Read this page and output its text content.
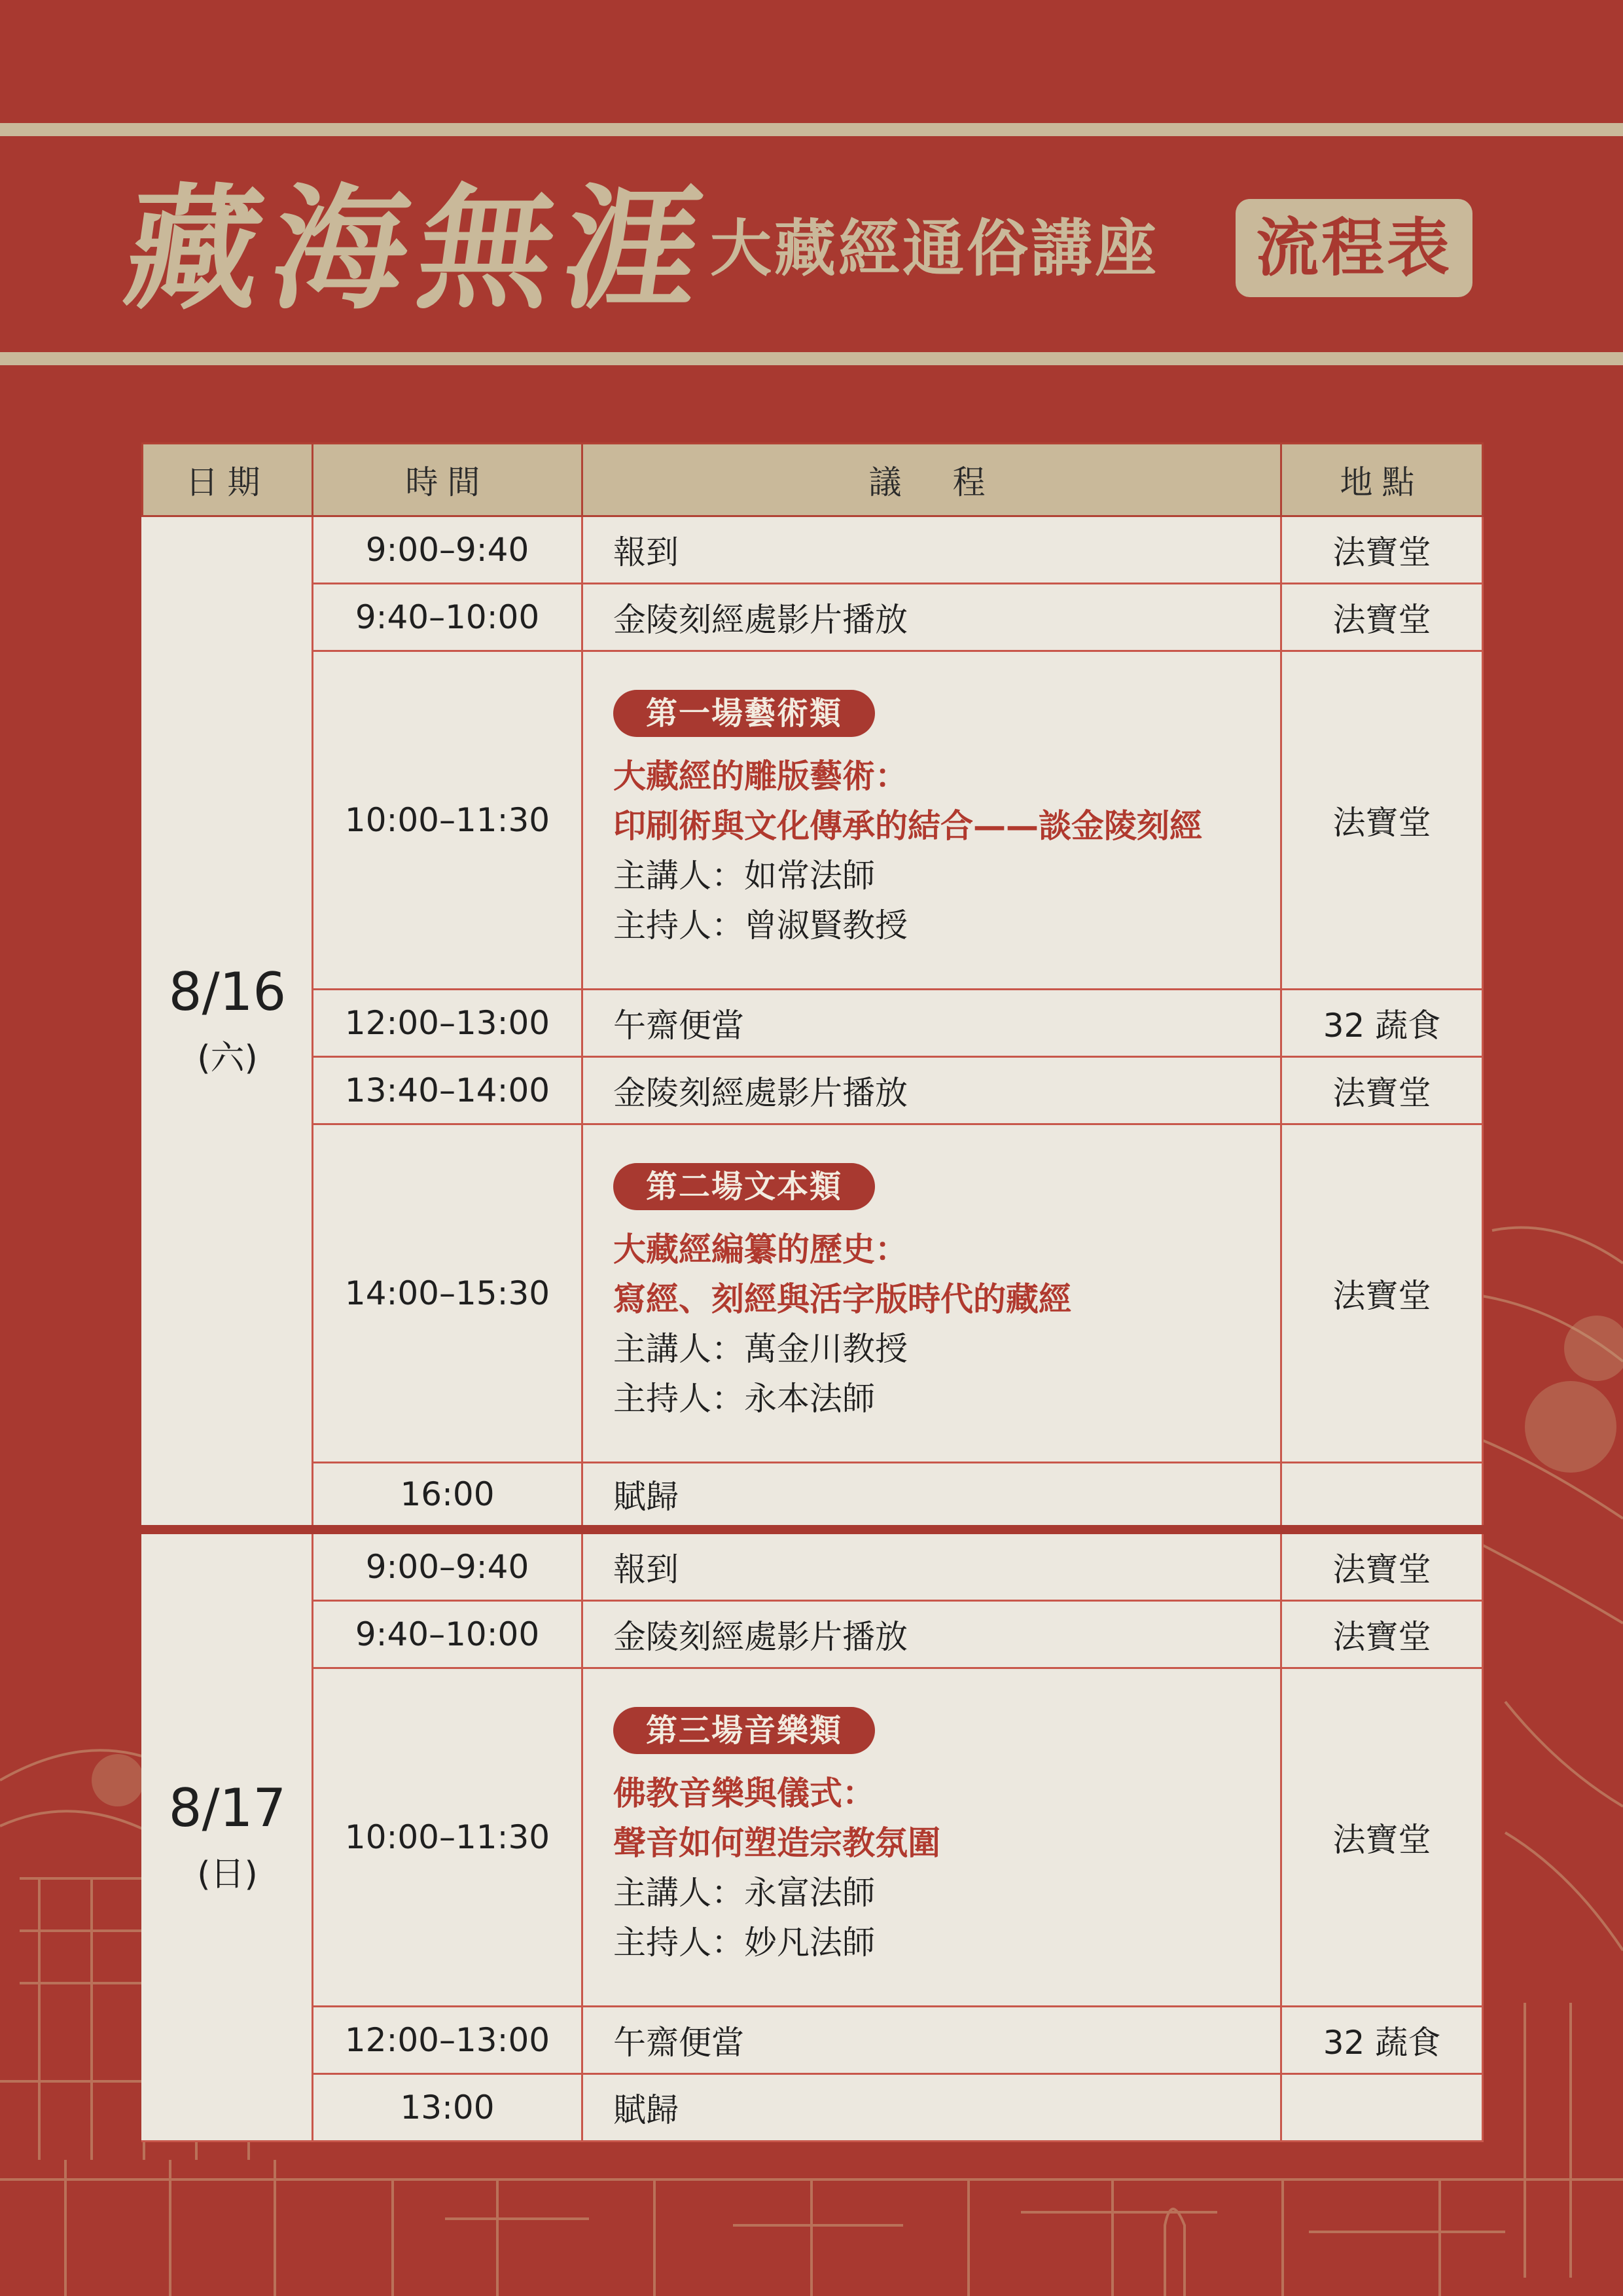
藏
海
無
涯 大藏經通俗講座	流程表
日期	時間	議　程	地點

8/16
(六)	9:00–9:40	報到	法寶堂
	9:40–10:00	金陵刻經處影片播放	法寶堂
	10:00–11:30	第一場藝術類
大藏經的雕版藝術：
印刷術與文化傳承的結合——談金陵刻經
主講人：如常法師
主持人：曾淑賢教授	法寶堂
	12:00–13:00	午齋便當	32 蔬食
	13:40–14:00	金陵刻經處影片播放	法寶堂
	14:00–15:30	第二場文本類
大藏經編纂的歷史：
寫經、刻經與活字版時代的藏經
主講人：萬金川教授
主持人：永本法師	法寶堂
	16:00	賦歸	

8/17
(日)	9:00–9:40	報到	法寶堂
	9:40–10:00	金陵刻經處影片播放	法寶堂
	10:00–11:30	第三場音樂類
佛教音樂與儀式：
聲音如何塑造宗教氛圍
主講人：永富法師
主持人：妙凡法師	法寶堂
	12:00–13:00	午齋便當	32 蔬食
	13:00	賦歸	
